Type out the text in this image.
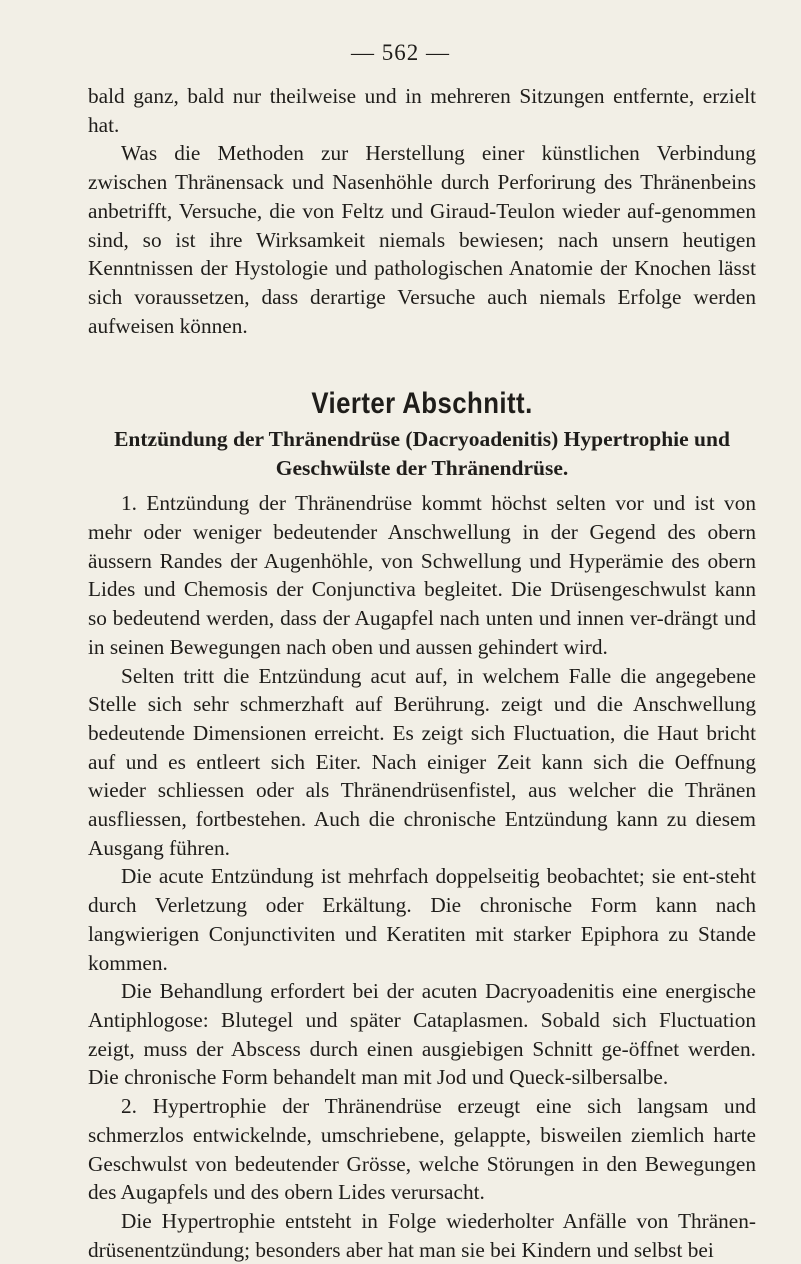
— 562 —

bald ganz, bald nur theilweise und in mehreren Sitzungen entfernte, erzielt hat.

Was die Methoden zur Herstellung einer künstlichen Verbindung zwischen Thränensack und Nasenhöhle durch Perforirung des Thränenbeins anbetrifft, Versuche, die von Feltz und Giraud-Teulon wieder auf-genommen sind, so ist ihre Wirksamkeit niemals bewiesen; nach unsern heutigen Kenntnissen der Hystologie und pathologischen Anatomie der Knochen lässt sich voraussetzen, dass derartige Versuche auch niemals Erfolge werden aufweisen können.

Vierter Abschnitt.
Entzündung der Thränendrüse (Dacryoadenitis) Hypertrophie und Geschwülste der Thränendrüse.

1. Entzündung der Thränendrüse kommt höchst selten vor und ist von mehr oder weniger bedeutender Anschwellung in der Gegend des obern äussern Randes der Augenhöhle, von Schwellung und Hyperämie des obern Lides und Chemosis der Conjunctiva begleitet. Die Drüsengeschwulst kann so bedeutend werden, dass der Augapfel nach unten und innen ver-drängt und in seinen Bewegungen nach oben und aussen gehindert wird.

Selten tritt die Entzündung acut auf, in welchem Falle die angegebene Stelle sich sehr schmerzhaft auf Berührung. zeigt und die Anschwellung bedeutende Dimensionen erreicht. Es zeigt sich Fluctuation, die Haut bricht auf und es entleert sich Eiter. Nach einiger Zeit kann sich die Oeffnung wieder schliessen oder als Thränendrüsenfistel, aus welcher die Thränen ausfliessen, fortbestehen. Auch die chronische Entzündung kann zu diesem Ausgang führen.

Die acute Entzündung ist mehrfach doppelseitig beobachtet; sie ent-steht durch Verletzung oder Erkältung. Die chronische Form kann nach langwierigen Conjunctiviten und Keratiten mit starker Epiphora zu Stande kommen.

Die Behandlung erfordert bei der acuten Dacryoadenitis eine energische Antiphlogose: Blutegel und später Cataplasmen. Sobald sich Fluctuation zeigt, muss der Abscess durch einen ausgiebigen Schnitt ge-öffnet werden. Die chronische Form behandelt man mit Jod und Queck-silbersalbe.

2. Hypertrophie der Thränendrüse erzeugt eine sich langsam und schmerzlos entwickelnde, umschriebene, gelappte, bisweilen ziemlich harte Geschwulst von bedeutender Grösse, welche Störungen in den Bewegungen des Augapfels und des obern Lides verursacht.

Die Hypertrophie entsteht in Folge wiederholter Anfälle von Thränen-drüsenentzündung; besonders aber hat man sie bei Kindern und selbst bei
